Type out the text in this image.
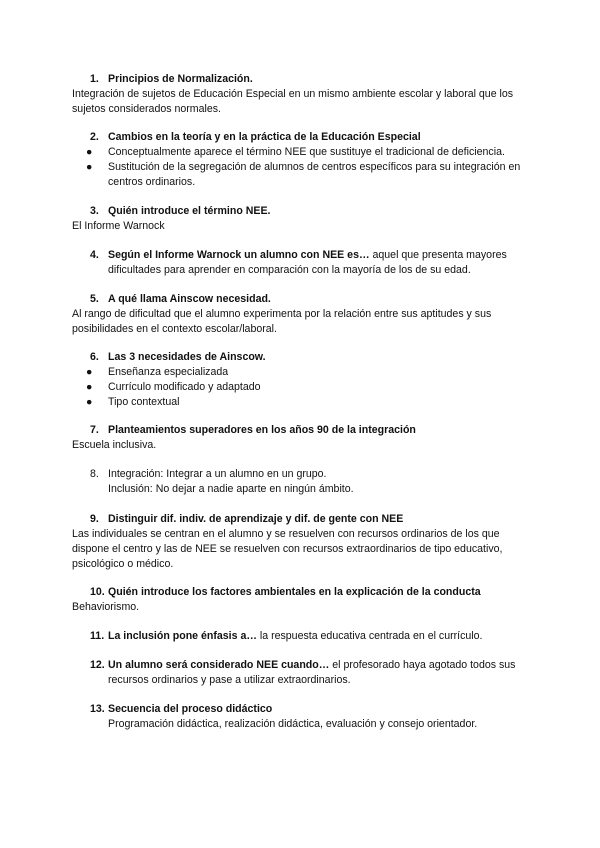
1. Principios de Normalización.

Integración de sujetos de Educación Especial en un mismo ambiente escolar y laboral que los sujetos considerados normales.

2. Cambios en la teoría y en la práctica de la Educación Especial
● Conceptualmente aparece el término NEE que sustituye el tradicional de deficiencia.
● Sustitución de la segregación de alumnos de centros específicos para su integración en centros ordinarios.
3. Quién introduce el término NEE.

El Informe Warnock

4. Según el Informe Warnock un alumno con NEE es… aquel que presenta mayores dificultades para aprender en comparación con la mayoría de los de su edad.
5. A qué llama Ainscow necesidad.

Al rango de dificultad que el alumno experimenta por la relación entre sus aptitudes y sus posibilidades en el contexto escolar/laboral.

6. Las 3 necesidades de Ainscow.
● Enseñanza especializada
● Currículo modificado y adaptado
● Tipo contextual
7. Planteamientos superadores en los años 90 de la integración

Escuela inclusiva.

8. Integración: Integrar a un alumno en un grupo.
Inclusión: No dejar a nadie aparte en ningún ámbito.
9. Distinguir dif. indiv. de aprendizaje y dif. de gente con NEE

Las individuales se centran en el alumno y se resuelven con recursos ordinarios de los que dispone el centro y las de NEE se resuelven con recursos extraordinarios de tipo educativo, psicológico o médico.

10. Quién introduce los factores ambientales en la explicación de la conducta

Behaviorismo.

11. La inclusión pone énfasis a… la respuesta educativa centrada en el currículo.
12. Un alumno será considerado NEE cuando… el profesorado haya agotado todos sus recursos ordinarios y pase a utilizar extraordinarios.
13. Secuencia del proceso didáctico
Programación didáctica, realización didáctica, evaluación y consejo orientador.
